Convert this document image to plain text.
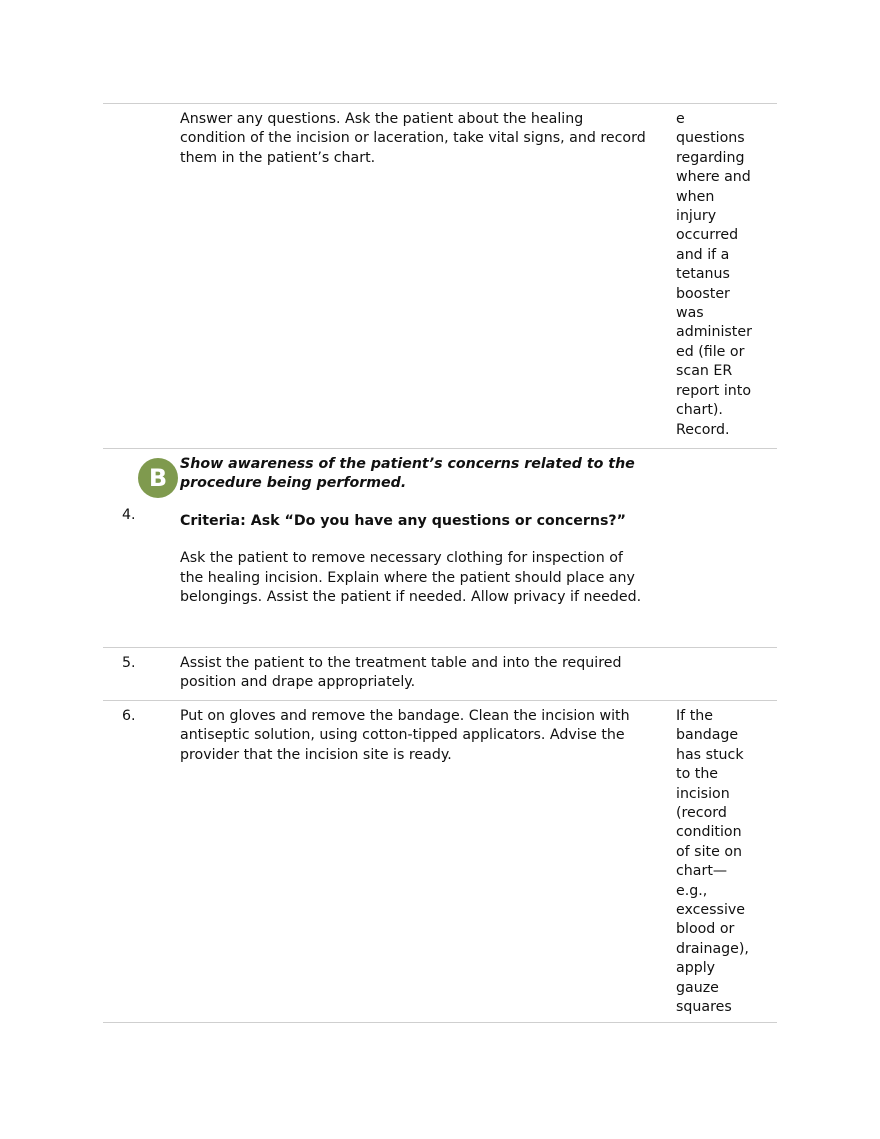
Answer any questions. Ask the patient about the healing condition of the incision or laceration, take vital signs, and record them in the patient’s chart.

e
questions
regarding
where and
when
injury
occurred
and if a
tetanus
booster
was
administer
ed (file or
scan ER
report into
chart).
Record.
4.
B Show awareness of the patient’s concerns related to the procedure being performed.

Criteria: Ask “Do you have any questions or concerns?”

Ask the patient to remove necessary clothing for inspection of the healing incision. Explain where the patient should place any belongings. Assist the patient if needed. Allow privacy if needed.

5.	Assist the patient to the treatment table and into the required position and drape appropriately.

6.	Put on gloves and remove the bandage. Clean the incision with antiseptic solution, using cotton-tipped applicators. Advise the provider that the incision site is ready.

If the
bandage
has stuck
to the
incision
(record
condition
of site on
chart—
e.g.,
excessive
blood or
drainage),
apply
gauze
squares
